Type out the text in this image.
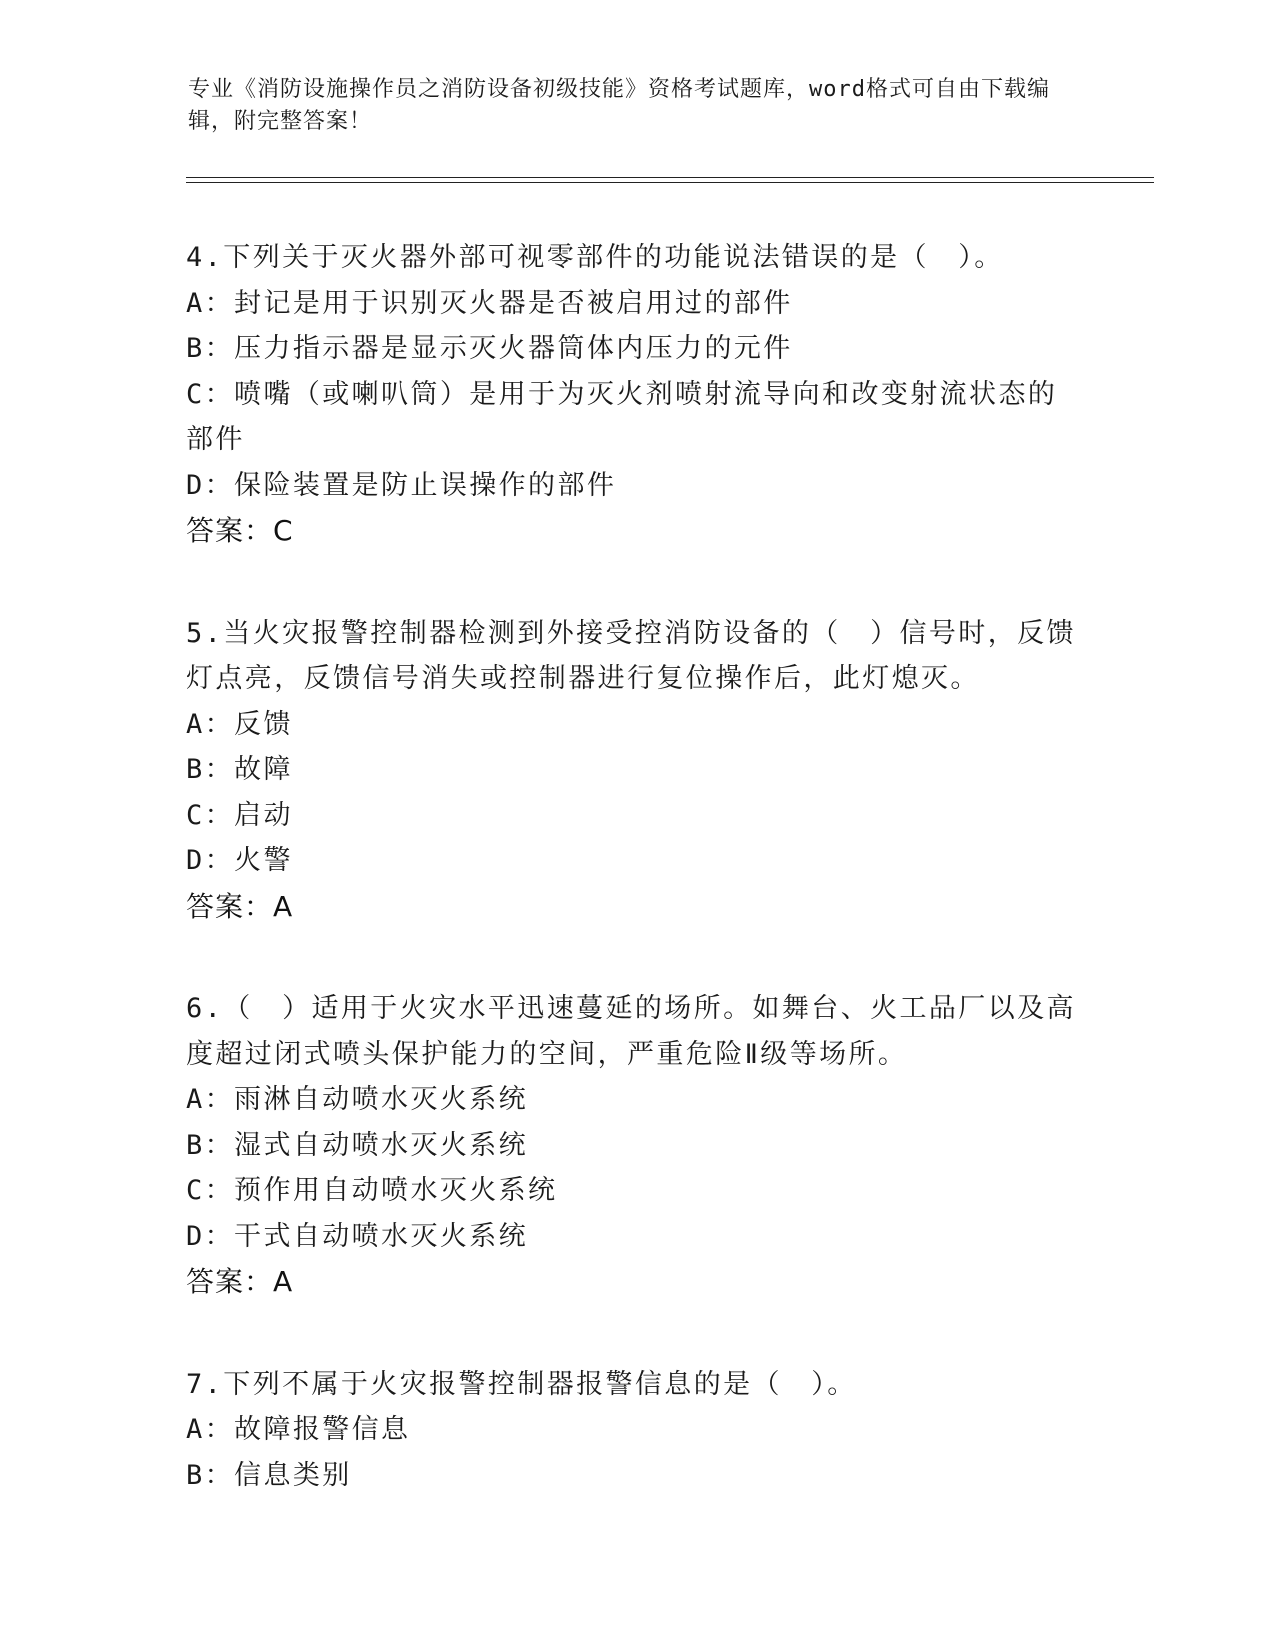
专业《消防设施操作员之消防设备初级技能》资格考试题库，word格式可自由下载编辑，附完整答案！
4.下列关于灭火器外部可视零部件的功能说法错误的是（　）。
A：封记是用于识别灭火器是否被启用过的部件
B：压力指示器是显示灭火器筒体内压力的元件
C：喷嘴（或喇叭筒）是用于为灭火剂喷射流导向和改变射流状态的部件
D：保险装置是防止误操作的部件
答案：C
5.当火灾报警控制器检测到外接受控消防设备的（　）信号时，反馈灯点亮，反馈信号消失或控制器进行复位操作后，此灯熄灭。
A：反馈
B：故障
C：启动
D：火警
答案：A
6.（　）适用于火灾水平迅速蔓延的场所。如舞台、火工品厂以及高度超过闭式喷头保护能力的空间，严重危险Ⅱ级等场所。
A：雨淋自动喷水灭火系统
B：湿式自动喷水灭火系统
C：预作用自动喷水灭火系统
D：干式自动喷水灭火系统
答案：A
7.下列不属于火灾报警控制器报警信息的是（　）。
A：故障报警信息
B：信息类别
